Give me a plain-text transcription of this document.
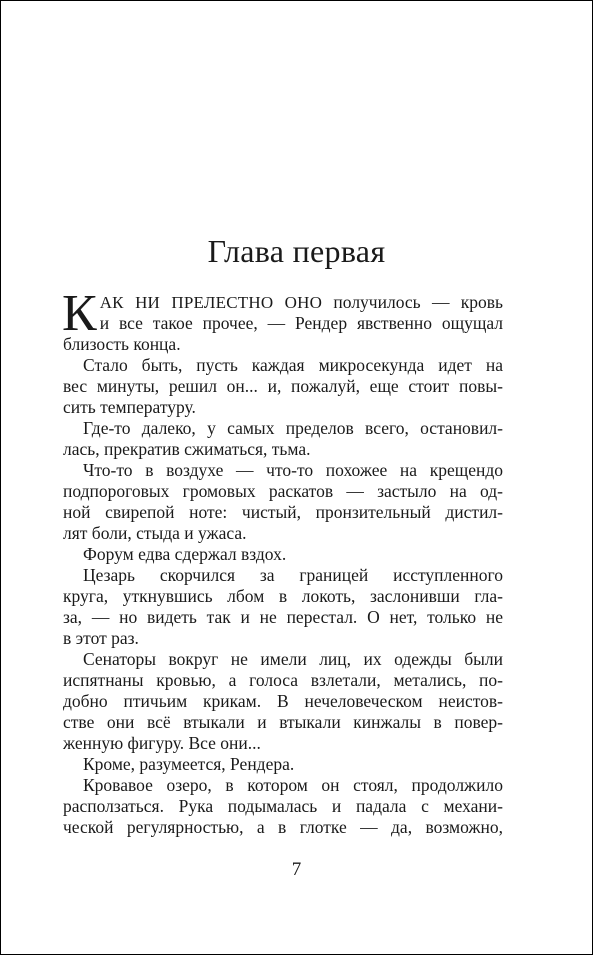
Глава первая

К АК НИ ПРЕЛЕСТНО ОНО получилось — кровь
и все такое прочее, — Рендер явственно ощущал
близость конца.

Стало быть, пусть каждая микросекунда идет на
вес минуты, решил он... и, пожалуй, еще стоит повы-
сить температуру.

Где-то далеко, у самых пределов всего, остановил-
лась, прекратив сжиматься, тьма.

Что-то в воздухе — что-то похожее на крещендо
подпороговых громовых раскатов — застыло на од-
ной свирепой ноте: чистый, пронзительный дистил-
лят боли, стыда и ужаса.

Форум едва сдержал вздох.

Цезарь скорчился за границей исступленного
круга, уткнувшись лбом в локоть, заслонивши гла-
за, — но видеть так и не перестал. О нет, только не
в этот раз.

Сенаторы вокруг не имели лиц, их одежды были
испятнаны кровью, а голоса взлетали, метались, по-
добно птичьим крикам. В нечеловеческом неистов-
стве они всё втыкали и втыкали кинжалы в повер-
женную фигуру. Все они...

Кроме, разумеется, Рендера.

Кровавое озеро, в котором он стоял, продолжило
расползаться. Рука подымалась и падала с механи-
ческой регулярностью, а в глотке — да, возможно,

7
